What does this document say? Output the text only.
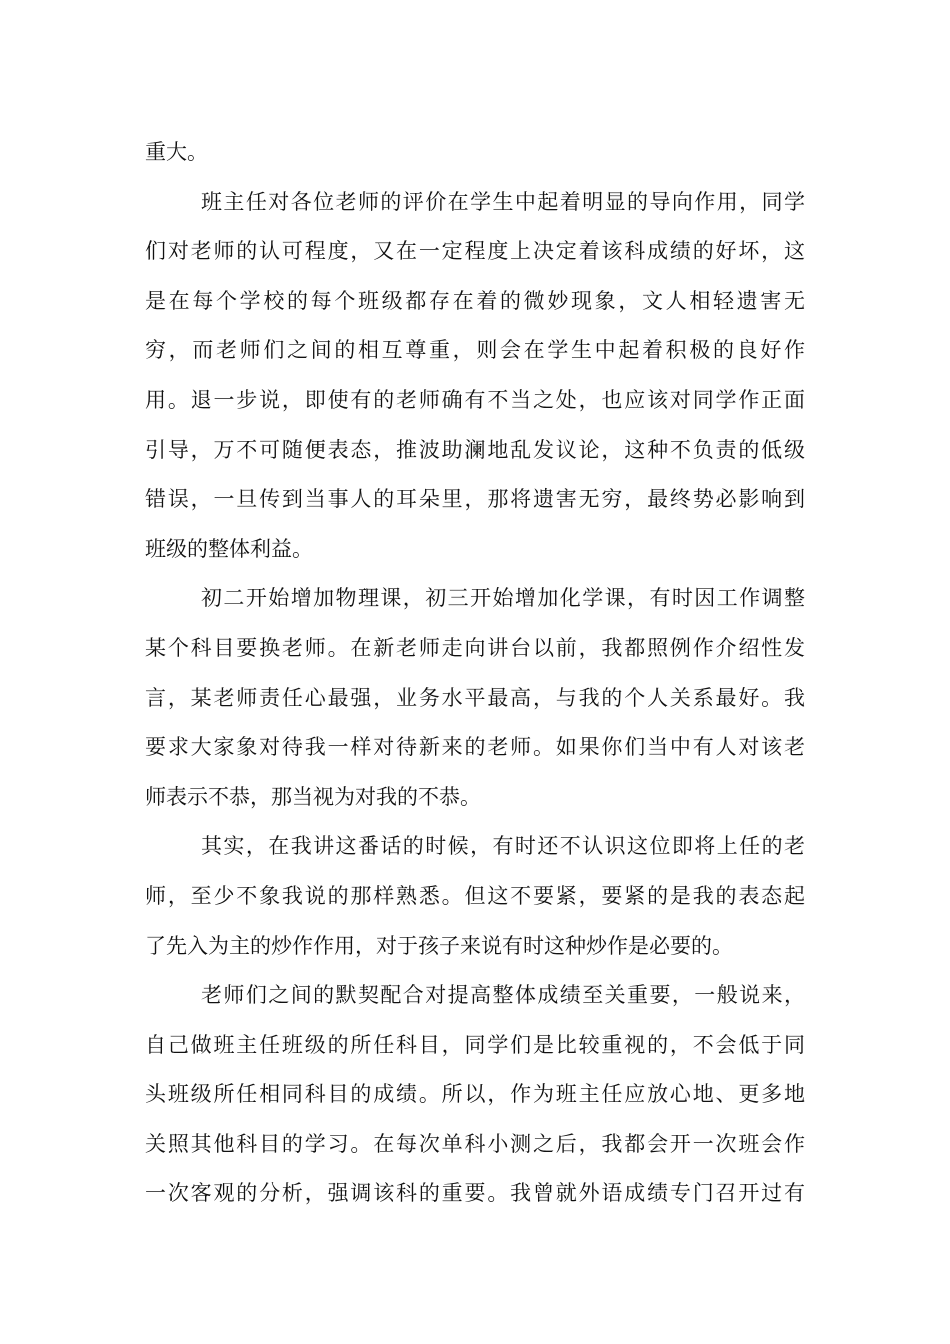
重大。
班主任对各位老师的评价在学生中起着明显的导向作用，同学
们对老师的认可程度，又在一定程度上决定着该科成绩的好坏，这
是在每个学校的每个班级都存在着的微妙现象，文人相轻遗害无
穷，而老师们之间的相互尊重，则会在学生中起着积极的良好作
用。退一步说，即使有的老师确有不当之处，也应该对同学作正面
引导，万不可随便表态，推波助澜地乱发议论，这种不负责的低级
错误，一旦传到当事人的耳朵里，那将遗害无穷，最终势必影响到
班级的整体利益。
初二开始增加物理课，初三开始增加化学课，有时因工作调整
某个科目要换老师。在新老师走向讲台以前，我都照例作介绍性发
言，某老师责任心最强，业务水平最高，与我的个人关系最好。我
要求大家象对待我一样对待新来的老师。如果你们当中有人对该老
师表示不恭，那当视为对我的不恭。
其实，在我讲这番话的时候，有时还不认识这位即将上任的老
师，至少不象我说的那样熟悉。但这不要紧，要紧的是我的表态起
了先入为主的炒作作用，对于孩子来说有时这种炒作是必要的。
老师们之间的默契配合对提高整体成绩至关重要，一般说来，
自己做班主任班级的所任科目，同学们是比较重视的，不会低于同
头班级所任相同科目的成绩。所以，作为班主任应放心地、更多地
关照其他科目的学习。在每次单科小测之后，我都会开一次班会作
一次客观的分析，强调该科的重要。我曾就外语成绩专门召开过有
